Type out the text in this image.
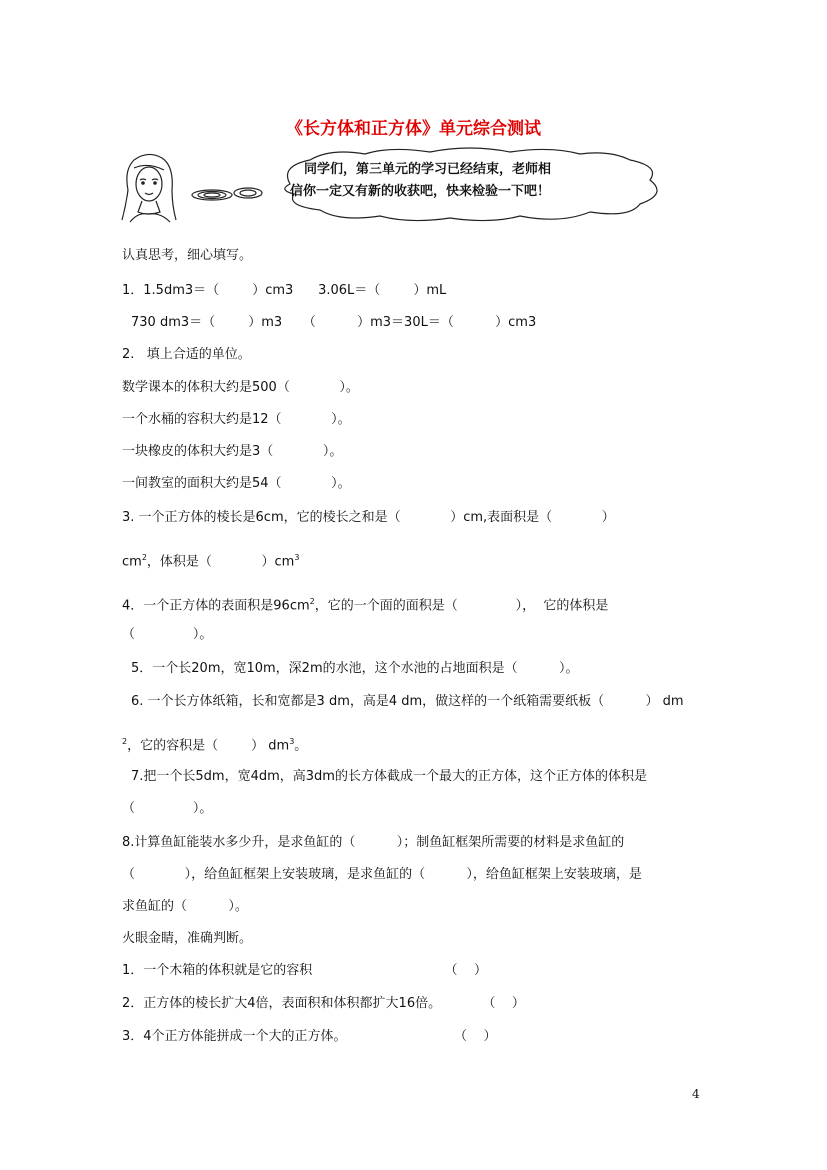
《长方体和正方体》单元综合测试
同学们，第三单元的学习已经结束，老师相
信你一定又有新的收获吧，快来检验一下吧！
认真思考，细心填写。
1．1.5dm3＝（        ）cm3      3.06L＝（        ）mL
730 dm3＝（        ）m3     （          ）m3＝30L＝（          ）cm3
2.   填上合适的单位。
数学课本的体积大约是500（            ）。
一个水桶的容积大约是12（            ）。
一块橡皮的体积大约是3（            ）。
一间教室的面积大约是54（            ）。
3. 一个正方体的棱长是6cm，它的棱长之和是（            ）cm,表面积是（            ）
$cm^2$，体积是（            ）$cm^3$
4．一个正方体的表面积是$96cm^2$，它的一个面的面积是（              ），  它的体积是
（              ）。
5．一个长20m，宽10m，深2m的水池，这个水池的占地面积是（          ）。
6. 一个长方体纸箱，长和宽都是3 dm，高是4 dm，做这样的一个纸箱需要纸板（          ） dm
$^2$，它的容积是（        ） $dm^3$。
7.把一个长5dm，宽4dm，高3dm的长方体截成一个最大的正方体，这个正方体的体积是
（              ）。
8.计算鱼缸能装水多少升，是求鱼缸的（          ）；制鱼缸框架所需要的材料是求鱼缸的
（            ），给鱼缸框架上安装玻璃，是求鱼缸的（          ），给鱼缸框架上安装玻璃，是
求鱼缸的（          ）。
火眼金睛，准确判断。
1．一个木箱的体积就是它的容积                                （    ）
2．正方体的棱长扩大4倍，表面积和体积都扩大16倍。          （    ）
3．4个正方体能拼成一个大的正方体。                          （    ）
4
